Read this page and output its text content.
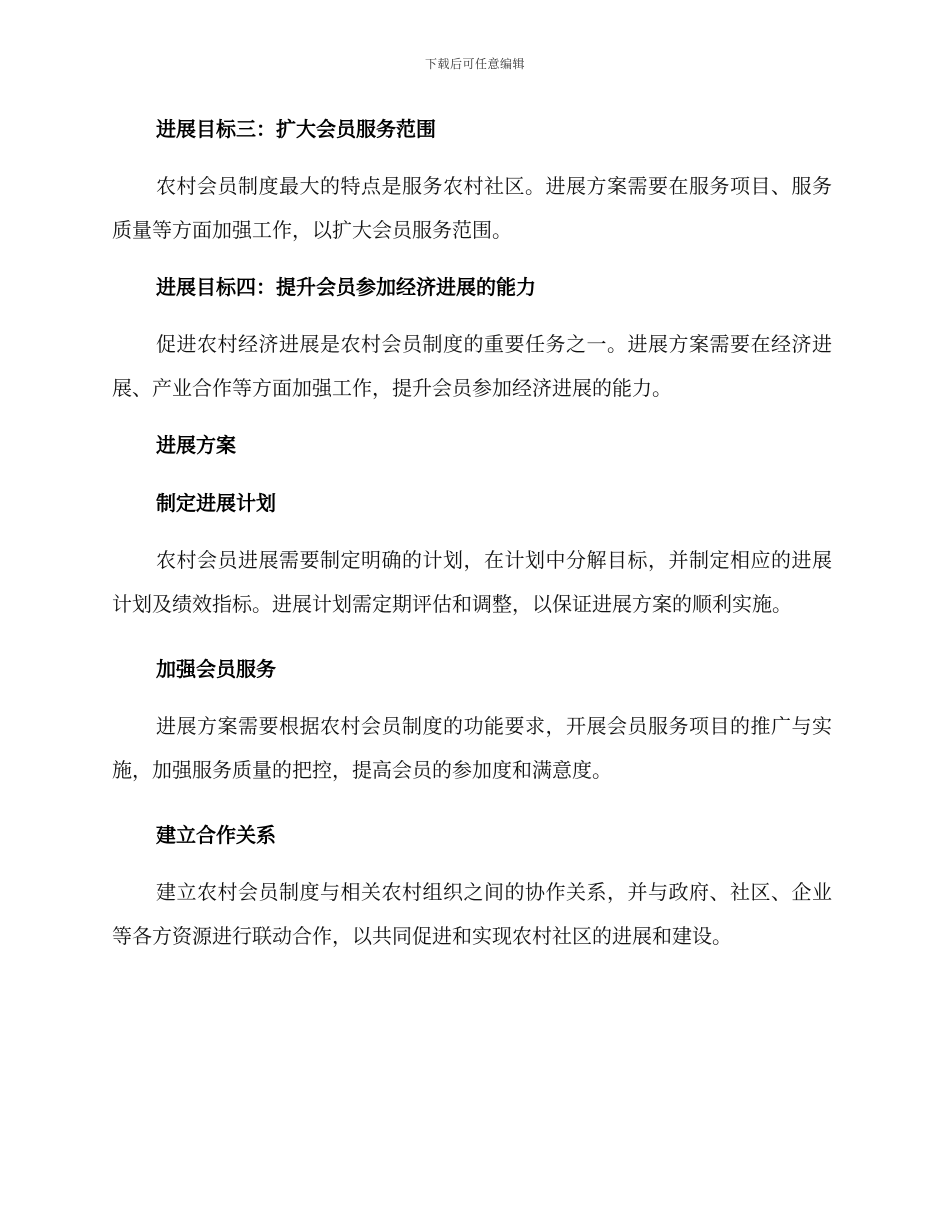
下载后可任意编辑

进展目标三：扩大会员服务范围

农村会员制度最大的特点是服务农村社区。进展方案需要在服务项目、服务质量等方面加强工作，以扩大会员服务范围。

进展目标四：提升会员参加经济进展的能力

促进农村经济进展是农村会员制度的重要任务之一。进展方案需要在经济进展、产业合作等方面加强工作，提升会员参加经济进展的能力。

进展方案

制定进展计划

农村会员进展需要制定明确的计划，在计划中分解目标，并制定相应的进展计划及绩效指标。进展计划需定期评估和调整，以保证进展方案的顺利实施。

加强会员服务

进展方案需要根据农村会员制度的功能要求，开展会员服务项目的推广与实施，加强服务质量的把控，提高会员的参加度和满意度。

建立合作关系

建立农村会员制度与相关农村组织之间的协作关系，并与政府、社区、企业等各方资源进行联动合作，以共同促进和实现农村社区的进展和建设。
